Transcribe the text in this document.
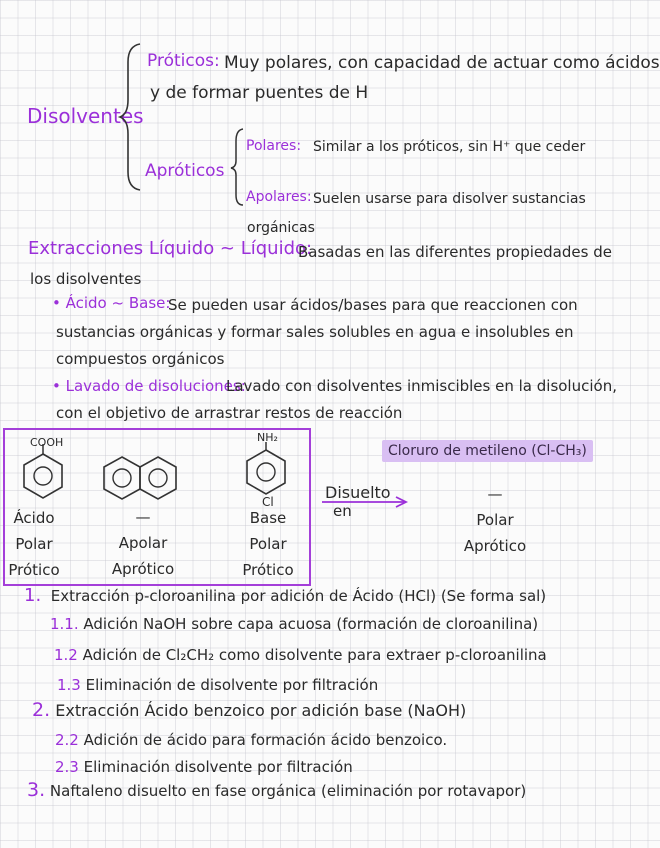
Disolventes
Próticos: Muy polares, con capacidad de actuar como ácidos
y de formar puentes de H
Apróticos
Polares: Similar a los próticos, sin H⁺ que ceder
Apolares: Suelen usarse para disolver sustancias
orgánicas
Extracciones Líquido ~ Líquido:
Basadas en las diferentes propiedades de
los disolventes
• Ácido ~ Base:
Se pueden usar ácidos/bases para que reaccionen con
sustancias orgánicas y formar sales solubles en agua e insolubles en
compuestos orgánicos
• Lavado de disoluciones:
Lavado con disolventes inmiscibles en la disolución,
con el objetivo de arrastrar restos de reacción
COOH	NH₂
Cl
Ácido
Polar
Prótico
—
Apolar
Aprótico
Base
Polar
Prótico
Disuelto
en
Cloruro de metileno (Cl-CH₃)
—
Polar
Aprótico
1. Extracción p-cloroanilina por adición de Ácido (HCl) (Se forma sal)
1.1. Adición NaOH sobre capa acuosa (formación de cloroanilina)
1.2 Adición de Cl₂CH₂ como disolvente para extraer p-cloroanilina
1.3 Eliminación de disolvente por filtración
2. Extracción Ácido benzoico por adición base (NaOH)
2.2 Adición de ácido para formación ácido benzoico.
2.3 Eliminación disolvente por filtración
3. Naftaleno disuelto en fase orgánica (eliminación por rotavapor)
